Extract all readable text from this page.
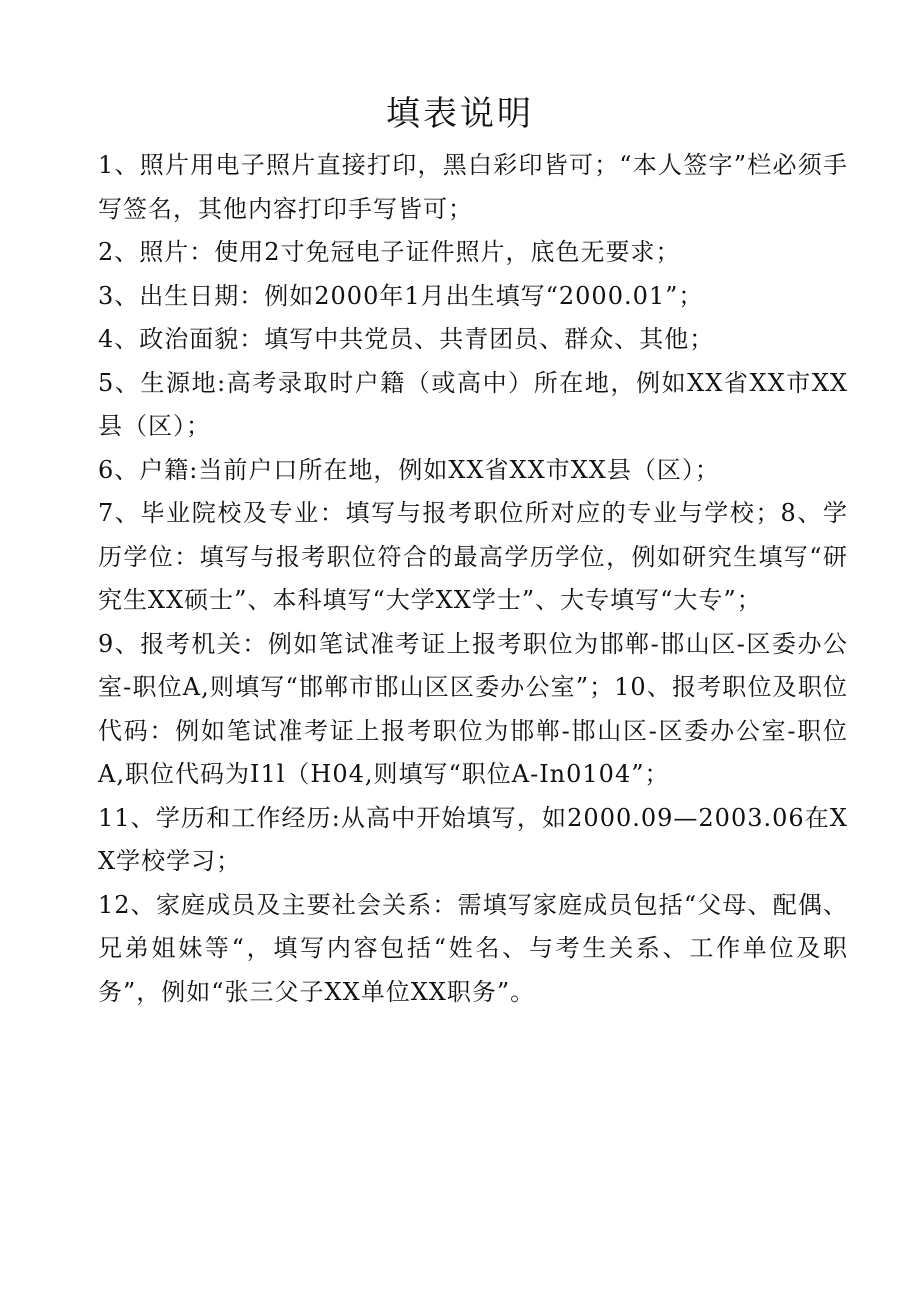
填表说明

1、照片用电子照片直接打印，黑白彩印皆可；“本人签字”栏必须手写签名，其他内容打印手写皆可；

2、照片：使用2寸免冠电子证件照片，底色无要求；

3、出生日期：例如2000年1月出生填写“2000.01”；

4、政治面貌：填写中共党员、共青团员、群众、其他；

5、生源地:高考录取时户籍（或高中）所在地，例如XX省XX市XX县（区）；

6、户籍:当前户口所在地，例如XX省XX市XX县（区）；

7、毕业院校及专业：填写与报考职位所对应的专业与学校；8、学历学位：填写与报考职位符合的最高学历学位，例如研究生填写“研究生XX硕士”、本科填写“大学XX学士”、大专填写“大专”；

9、报考机关：例如笔试准考证上报考职位为邯郸-邯山区-区委办公室-职位A,则填写“邯郸市邯山区区委办公室”；10、报考职位及职位代码：例如笔试准考证上报考职位为邯郸-邯山区-区委办公室-职位A,职位代码为I1l（H04,则填写“职位A-In0104”；

11、学历和工作经历:从高中开始填写，如2000.09—2003.06在XX学校学习；

12、家庭成员及主要社会关系：需填写家庭成员包括“父母、配偶、兄弟姐妹等“，填写内容包括“姓名、与考生关系、工作单位及职务”，例如“张三父子XX单位XX职务”。
